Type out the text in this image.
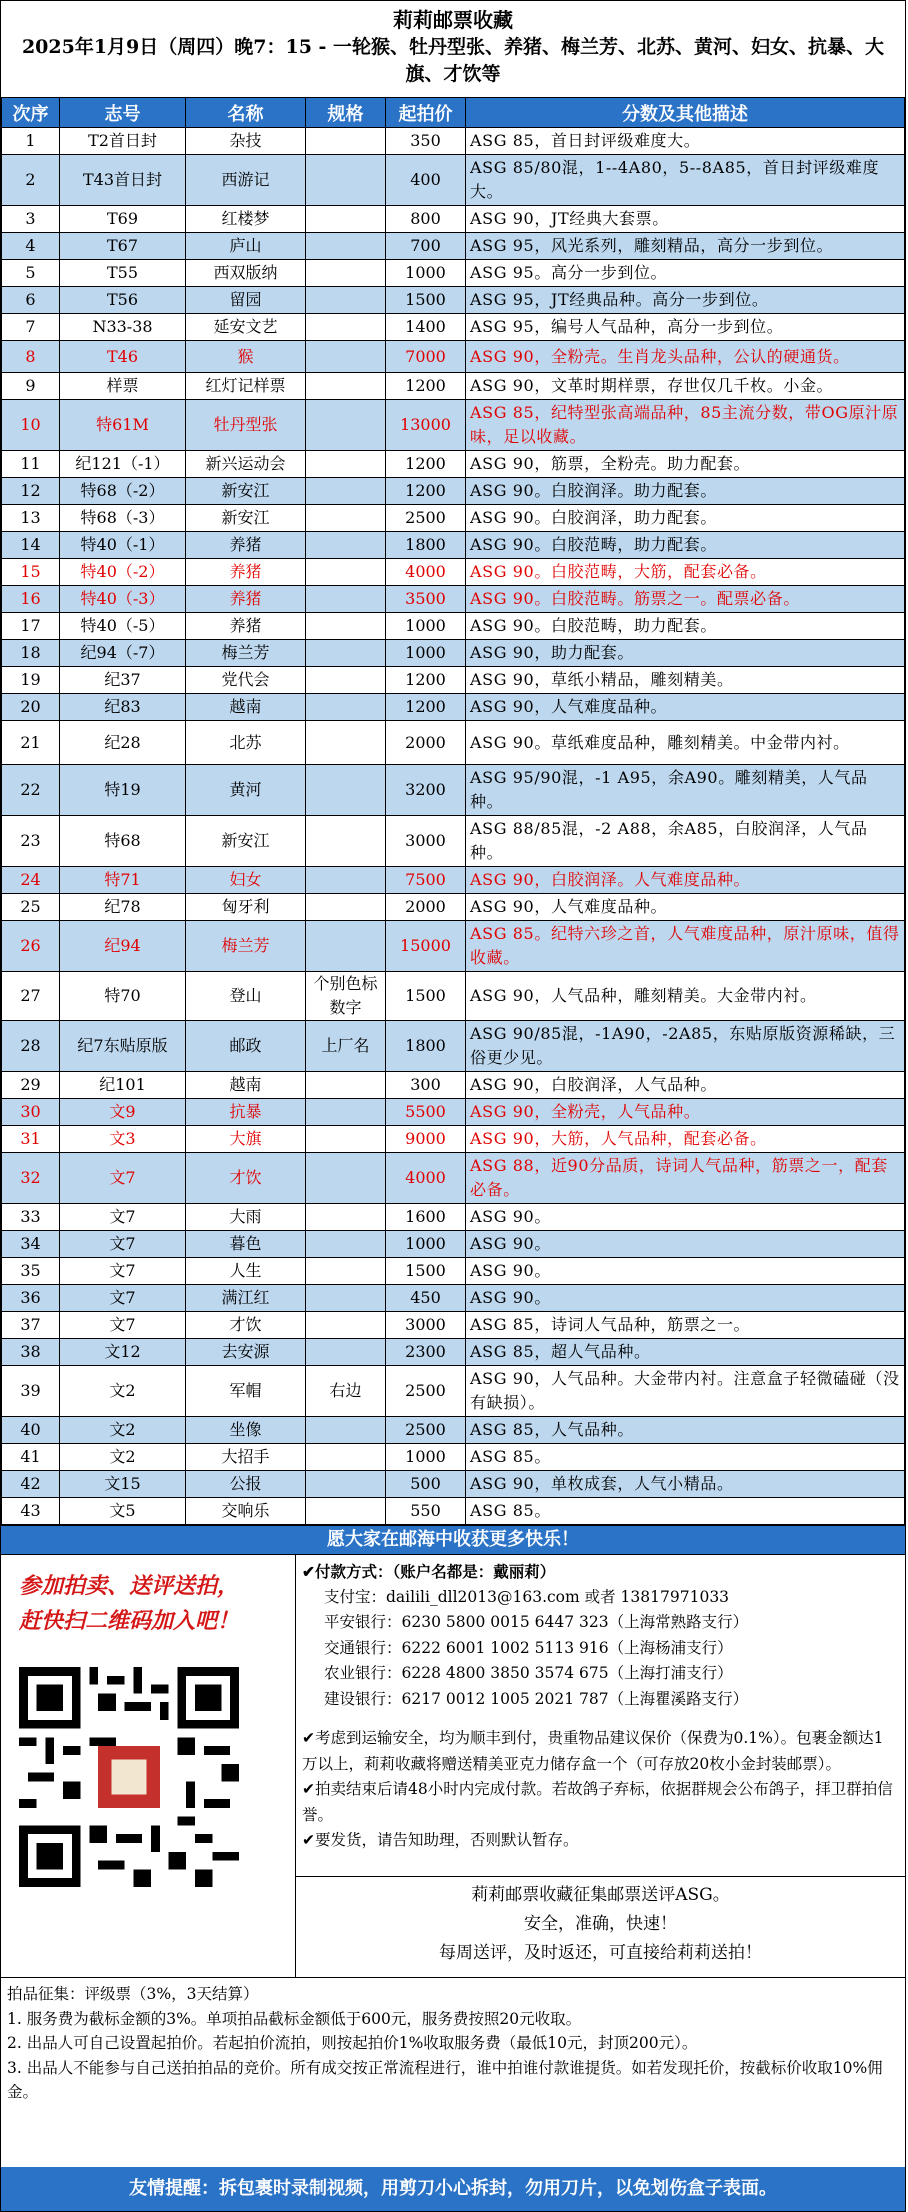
莉莉邮票收藏
2025年1月9日（周四）晚7：15 - 一轮猴、牡丹型张、养猪、梅兰芳、北苏、黄河、妇女、抗暴、大旗、才饮等
次序	志号	名称	规格	起拍价	分数及其他描述
1	T2首日封	杂技		350	ASG 85，首日封评级难度大。
2	T43首日封	西游记		400	ASG 85/80混，1--4A80，5--8A85，首日封评级难度大。
3	T69	红楼梦		800	ASG 90，JT经典大套票。
4	T67	庐山		700	ASG 95，风光系列，雕刻精品，高分一步到位。
5	T55	西双版纳		1000	ASG 95。高分一步到位。
6	T56	留园		1500	ASG 95，JT经典品种。高分一步到位。
7	N33-38	延安文艺		1400	ASG 95，编号人气品种，高分一步到位。
8	T46	猴		7000	ASG 90，全粉壳。生肖龙头品种，公认的硬通货。
9	样票	红灯记样票		1200	ASG 90，文革时期样票，存世仅几千枚。小金。
10	特61M	牡丹型张		13000	ASG 85，纪特型张高端品种，85主流分数，带OG原汁原味，足以收藏。
11	纪121（-1）	新兴运动会		1200	ASG 90，筋票，全粉壳。助力配套。
12	特68（-2）	新安江		1200	ASG 90。白胶润泽。助力配套。
13	特68（-3）	新安江		2500	ASG 90。白胶润泽，助力配套。
14	特40（-1）	养猪		1800	ASG 90。白胶范畴，助力配套。
15	特40（-2）	养猪		4000	ASG 90。白胶范畴，大筋，配套必备。
16	特40（-3）	养猪		3500	ASG 90。白胶范畴。筋票之一。配票必备。
17	特40（-5）	养猪		1000	ASG 90。白胶范畴，助力配套。
18	纪94（-7）	梅兰芳		1000	ASG 90，助力配套。
19	纪37	党代会		1200	ASG 90，草纸小精品，雕刻精美。
20	纪83	越南		1200	ASG 90，人气难度品种。
21	纪28	北苏		2000	ASG 90。草纸难度品种，雕刻精美。中金带内衬。
22	特19	黄河		3200	ASG 95/90混，-1 A95，余A90。雕刻精美，人气品种。
23	特68	新安江		3000	ASG 88/85混，-2 A88，余A85，白胶润泽，人气品种。
24	特71	妇女		7500	ASG 90，白胶润泽。人气难度品种。
25	纪78	匈牙利		2000	ASG 90，人气难度品种。
26	纪94	梅兰芳		15000	ASG 85。纪特六珍之首，人气难度品种，原汁原味，值得收藏。
27	特70	登山	个别色标数字	1500	ASG 90，人气品种，雕刻精美。大金带内衬。
28	纪7东贴原版	邮政	上厂名	1800	ASG 90/85混，-1A90，-2A85，东贴原版资源稀缺，三俗更少见。
29	纪101	越南		300	ASG 90，白胶润泽，人气品种。
30	文9	抗暴		5500	ASG 90，全粉壳，人气品种。
31	文3	大旗		9000	ASG 90，大筋，人气品种，配套必备。
32	文7	才饮		4000	ASG 88，近90分品质，诗词人气品种，筋票之一，配套必备。
33	文7	大雨		1600	ASG 90。
34	文7	暮色		1000	ASG 90。
35	文7	人生		1500	ASG 90。
36	文7	满江红		450	ASG 90。
37	文7	才饮		3000	ASG 85，诗词人气品种，筋票之一。
38	文12	去安源		2300	ASG 85，超人气品种。
39	文2	军帽	右边	2500	ASG 90，人气品种。大金带内衬。注意盒子轻微磕碰（没有缺损）。
40	文2	坐像		2500	ASG 85，人气品种。
41	文2	大招手		1000	ASG 85。
42	文15	公报		500	ASG 90，单枚成套，人气小精品。
43	文5	交响乐		550	ASG 85。
愿大家在邮海中收获更多快乐！
参加拍卖、送评送拍，
赶快扫二维码加入吧！
✔付款方式：（账户名都是：戴丽莉）
支付宝：dailili_dll2013@163.com 或者 13817971033
平安银行：6230 5800 0015 6447 323（上海常熟路支行）
交通银行：6222 6001 1002 5113 916（上海杨浦支行）
农业银行：6228 4800 3850 3574 675（上海打浦支行）
建设银行：6217 0012 1005 2021 787（上海瞿溪路支行）
✔考虑到运输安全，均为顺丰到付，贵重物品建议保价（保费为0.1%）。包裹金额达1万以上，莉莉收藏将赠送精美亚克力储存盒一个（可存放20枚小金封装邮票）。
✔拍卖结束后请48小时内完成付款。若故鸽子弃标，依据群规会公布鸽子，拝卫群拍信誉。
✔要发货，请告知助理，否则默认暂存。
莉莉邮票收藏征集邮票送评ASG。
安全，准确，快速！
每周送评，及时返还，可直接给莉莉送拍！
拍品征集：评级票（3%，3天结算）
1. 服务费为截标金额的3%。单项拍品截标金额低于600元，服务费按照20元收取。
2. 出品人可自己设置起拍价。若起拍价流拍，则按起拍价1%收取服务费（最低10元，封顶200元）。
3. 出品人不能参与自己送拍拍品的竞价。所有成交按正常流程进行，谁中拍谁付款谁提货。如若发现托价，按截标价收取10%佣金。
友情提醒：拆包裹时录制视频，用剪刀小心拆封，勿用刀片，以免划伤盒子表面。
